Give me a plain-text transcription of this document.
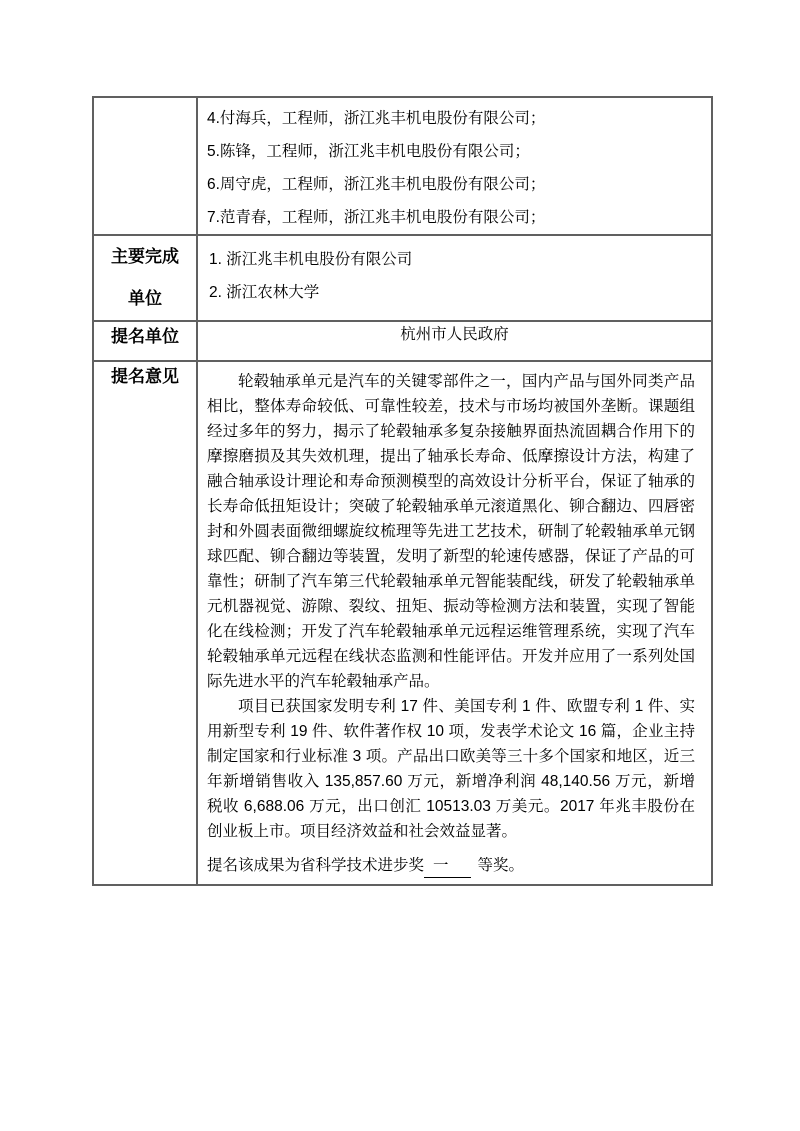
	4.付海兵，工程师，浙江兆丰机电股份有限公司；
5.陈锋，工程师，浙江兆丰机电股份有限公司；
6.周守虎，工程师，浙江兆丰机电股份有限公司；
7.范青春，工程师，浙江兆丰机电股份有限公司；

主要完成
单位

1. 浙江兆丰机电股份有限公司
2. 浙江农林大学

提名单位	杭州市人民政府
提名意见	轮毂轴承单元是汽车的关键零部件之一，国内产品与国外同类产品相比，整体寿命较低、可靠性较差，技术与市场均被国外垄断。课题组经过多年的努力，揭示了轮毂轴承多复杂接触界面热流固耦合作用下的摩擦磨损及其失效机理，提出了轴承长寿命、低摩擦设计方法，构建了融合轴承设计理论和寿命预测模型的高效设计分析平台，保证了轴承的长寿命低扭矩设计；突破了轮毂轴承单元滚道黑化、铆合翻边、四唇密封和外圆表面微细螺旋纹梳理等先进工艺技术，研制了轮毂轴承单元钢球匹配、铆合翻边等装置，发明了新型的轮速传感器，保证了产品的可靠性；研制了汽车第三代轮毂轴承单元智能装配线，研发了轮毂轴承单元机器视觉、游隙、裂纹、扭矩、振动等检测方法和装置，实现了智能化在线检测；开发了汽车轮毂轴承单元远程运维管理系统，实现了汽车轮毂轴承单元远程在线状态监测和性能评估。开发并应用了一系列处国际先进水平的汽车轮毂轴承产品。

项目已获国家发明专利 17 件、美国专利 1 件、欧盟专利 1 件、实用新型专利 19 件、软件著作权 10 项，发表学术论文 16 篇，企业主持制定国家和行业标准 3 项。产品出口欧美等三十多个国家和地区，近三年新增销售收入 135,857.60 万元，新增净利润 48,140.56 万元，新增税收 6,688.06 万元，出口创汇 10513.03 万美元。2017 年兆丰股份在创业板上市。项目经济效益和社会效益显著。

提名该成果为省科学技术进步奖 一 等奖。
